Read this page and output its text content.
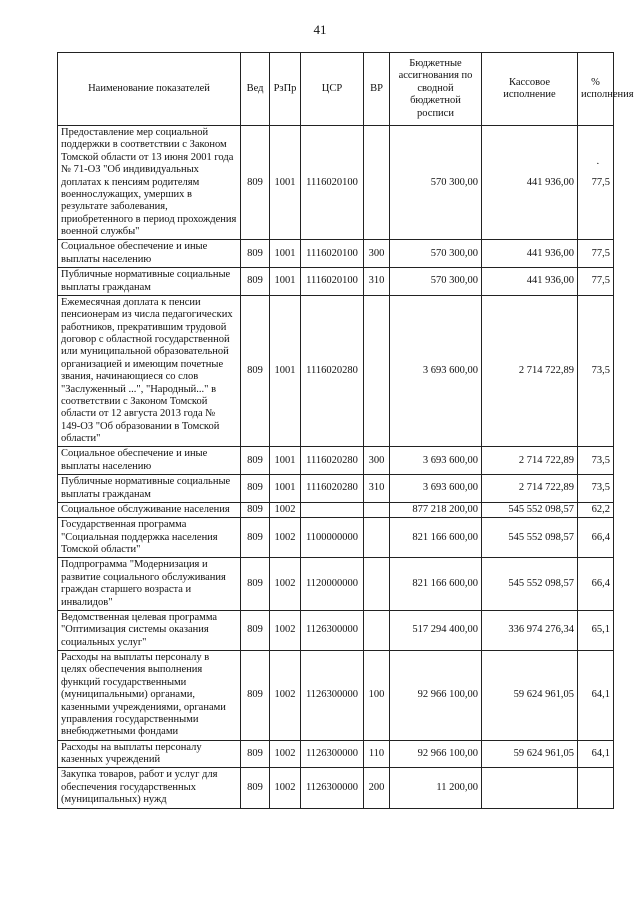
41
·
Наименование показателей	Вед	РзПр	ЦСР	ВР	Бюджетные ассигнования по сводной бюджетной росписи	Кассовое исполнение	% исполнения
Предоставление мер социальной поддержки в соответствии с Законом Томской области от 13 июня 2001 года № 71-ОЗ "Об индивидуальных доплатах к пенсиям родителям военнослужащих, умерших в результате заболевания, приобретенного в период прохождения военной службы"	809	1001	1116020100		570 300,00	441 936,00	77,5
Социальное обеспечение и иные выплаты населению	809	1001	1116020100	300	570 300,00	441 936,00	77,5
Публичные нормативные социальные выплаты гражданам	809	1001	1116020100	310	570 300,00	441 936,00	77,5
Ежемесячная доплата к пенсии пенсионерам из числа педагогических работников, прекратившим трудовой договор с областной государственной или муниципальной образовательной организацией и имеющим почетные звания, начинающиеся со слов "Заслуженный ...", "Народный..." в соответствии с Законом Томской области от 12 августа 2013 года № 149-ОЗ "Об образовании в Томской области"	809	1001	1116020280		3 693 600,00	2 714 722,89	73,5
Социальное обеспечение и иные выплаты населению	809	1001	1116020280	300	3 693 600,00	2 714 722,89	73,5
Публичные нормативные социальные выплаты гражданам	809	1001	1116020280	310	3 693 600,00	2 714 722,89	73,5
Социальное обслуживание населения	809	1002			877 218 200,00	545 552 098,57	62,2
Государственная программа "Социальная поддержка населения Томской области"	809	1002	1100000000		821 166 600,00	545 552 098,57	66,4
Подпрограмма "Модернизация и развитие социального обслуживания граждан старшего возраста и инвалидов"	809	1002	1120000000		821 166 600,00	545 552 098,57	66,4
Ведомственная целевая программа "Оптимизация системы оказания социальных услуг"	809	1002	1126300000		517 294 400,00	336 974 276,34	65,1
Расходы на выплаты персоналу в целях обеспечения выполнения функций государственными (муниципальными) органами, казенными учреждениями, органами управления государственными внебюджетными фондами	809	1002	1126300000	100	92 966 100,00	59 624 961,05	64,1
Расходы на выплаты персоналу казенных учреждений	809	1002	1126300000	110	92 966 100,00	59 624 961,05	64,1
Закупка товаров, работ и услуг для обеспечения государственных (муниципальных) нужд	809	1002	1126300000	200	11 200,00		
